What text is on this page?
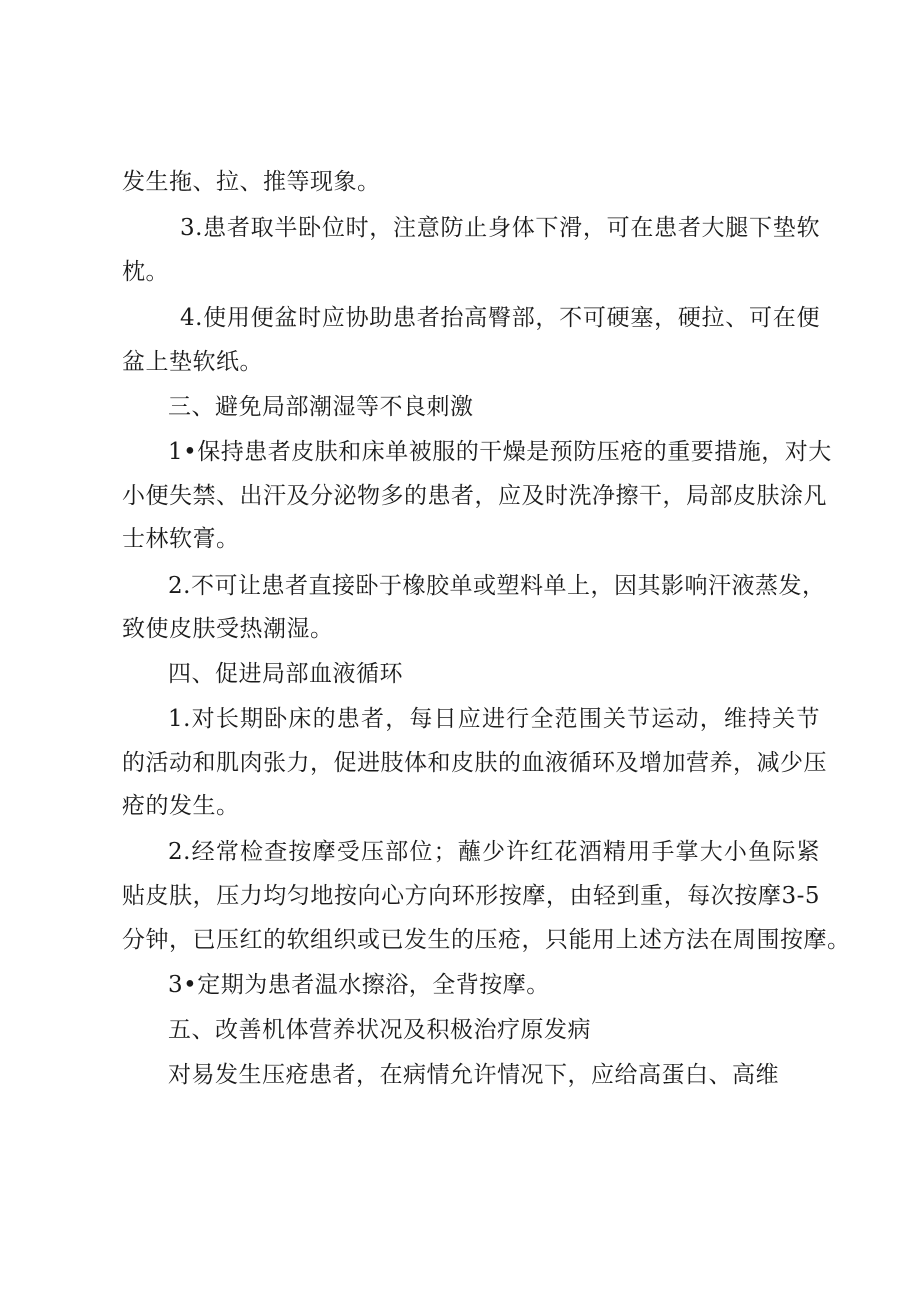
发生拖、拉、推等现象。
3.患者取半卧位时，注意防止身体下滑，可在患者大腿下垫软
枕。
4.使用便盆时应协助患者抬高臀部，不可硬塞，硬拉、可在便
盆上垫软纸。
三、避免局部潮湿等不良刺激
1•保持患者皮肤和床单被服的干燥是预防压疮的重要措施，对大
小便失禁、出汗及分泌物多的患者，应及时洗净擦干，局部皮肤涂凡
士林软膏。
2.不可让患者直接卧于橡胶单或塑料单上，因其影响汗液蒸发，
致使皮肤受热潮湿。
四、促进局部血液循环
1.对长期卧床的患者，每日应进行全范围关节运动，维持关节
的活动和肌肉张力，促进肢体和皮肤的血液循环及增加营养，减少压
疮的发生。
2.经常检查按摩受压部位；蘸少许红花酒精用手掌大小鱼际紧
贴皮肤，压力均匀地按向心方向环形按摩，由轻到重，每次按摩3-5
分钟，已压红的软组织或已发生的压疮，只能用上述方法在周围按摩。
3•定期为患者温水擦浴，全背按摩。
五、改善机体营养状况及积极治疗原发病
对易发生压疮患者，在病情允许情况下，应给高蛋白、高维
